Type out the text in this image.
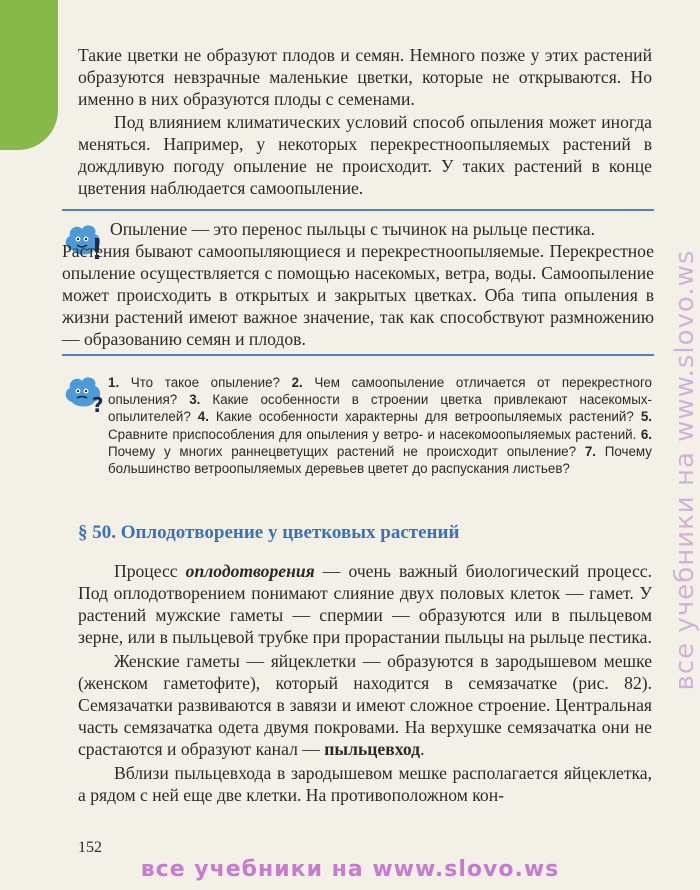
Такие цветки не образуют плодов и семян. Немного позже у этих растений образуются невзрачные маленькие цветки, которые не открываются. Но именно в них образуются плоды с семенами.

Под влиянием климатических условий способ опыления может иногда меняться. Например, у некоторых перекрестноопыляемых растений в дождливую погоду опыление не происходит. У таких растений в конце цветения наблюдается самоопыление.

Опыление — это перенос пыльцы с тычинок на рыльце пестика.
Растения бывают самоопыляющиеся и перекрестноопыляемые. Перекрестное опыление осуществляется с помощью насекомых, ветра, воды. Самоопыление может происходить в открытых и закрытых цветках. Оба типа опыления в жизни растений имеют важное значение, так как способствуют размножению — образованию семян и плодов.

?
1. Что такое опыление? 2. Чем самоопыление отличается от перекрестного опыления? 3. Какие особенности в строении цветка привлекают насекомых-опылителей? 4. Какие особенности характерны для ветроопыляемых растений? 5. Сравните приспособления для опыления у ветро- и насекомоопыляемых растений. 6. Почему у многих раннецветущих растений не происходит опыление? 7. Почему большинство ветроопыляемых деревьев цветет до распускания листьев?
§ 50. Оплодотворение у цветковых растений

Процесс оплодотворения — очень важный биологический процесс. Под оплодотворением понимают слияние двух половых клеток — гамет. У растений мужские гаметы — спермии — образуются или в пыльцевом зерне, или в пыльцевой трубке при прорастании пыльцы на рыльце пестика.

Женские гаметы — яйцеклетки — образуются в зародышевом мешке (женском гаметофите), который находится в семязачатке (рис. 82). Семязачатки развиваются в завязи и имеют сложное строение. Центральная часть семязачатка одета двумя покровами. На верхушке семязачатка они не срастаются и образуют канал — пыльцевход.

Вблизи пыльцевхода в зародышевом мешке располагается яйцеклетка, а рядом с ней еще две клетки. На противоположном кон-

152
все учебники на www.slovo.ws
все учебники на www.slovo.ws
